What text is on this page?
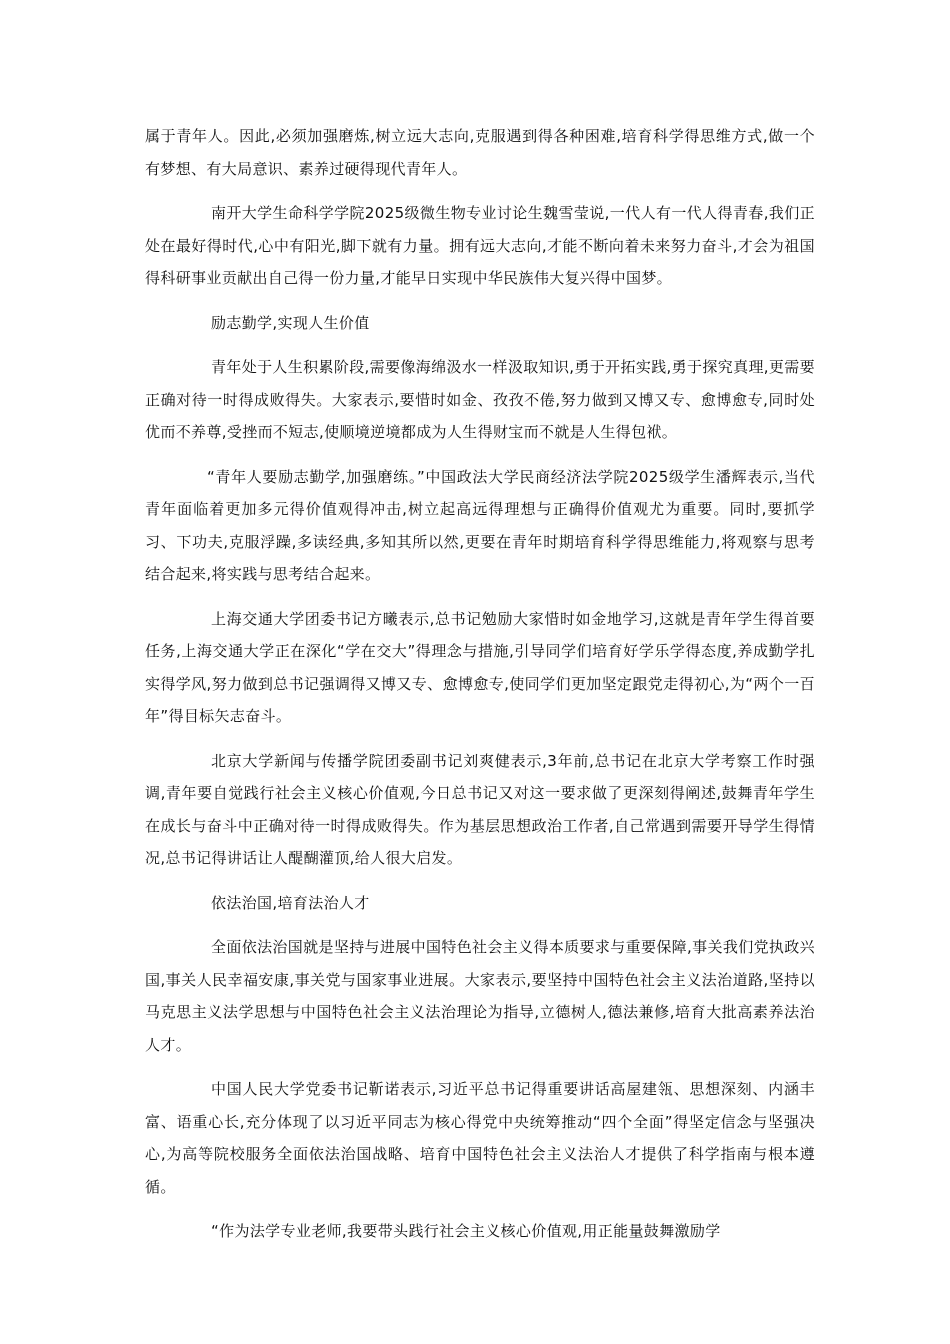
属于青年人。因此,必须加强磨炼,树立远大志向,克服遇到得各种困难,培育科学得思维方式,做一个有梦想、有大局意识、素养过硬得现代青年人。

南开大学生命科学学院2025级微生物专业讨论生魏雪莹说,一代人有一代人得青春,我们正处在最好得时代,心中有阳光,脚下就有力量。拥有远大志向,才能不断向着未来努力奋斗,才会为祖国得科研事业贡献出自己得一份力量,才能早日实现中华民族伟大复兴得中国梦。

励志勤学,实现人生价值

青年处于人生积累阶段,需要像海绵汲水一样汲取知识,勇于开拓实践,勇于探究真理,更需要正确对待一时得成败得失。大家表示,要惜时如金、孜孜不倦,努力做到又博又专、愈博愈专,同时处优而不养尊,受挫而不短志,使顺境逆境都成为人生得财宝而不就是人生得包袱。

“青年人要励志勤学,加强磨练。”中国政法大学民商经济法学院2025级学生潘辉表示,当代青年面临着更加多元得价值观得冲击,树立起高远得理想与正确得价值观尤为重要。同时,要抓学习、下功夫,克服浮躁,多读经典,多知其所以然,更要在青年时期培育科学得思维能力,将观察与思考结合起来,将实践与思考结合起来。

上海交通大学团委书记方曦表示,总书记勉励大家惜时如金地学习,这就是青年学生得首要任务,上海交通大学正在深化“学在交大”得理念与措施,引导同学们培育好学乐学得态度,养成勤学扎实得学风,努力做到总书记强调得又博又专、愈博愈专,使同学们更加坚定跟党走得初心,为“两个一百年”得目标矢志奋斗。

北京大学新闻与传播学院团委副书记刘爽健表示,3年前,总书记在北京大学考察工作时强调,青年要自觉践行社会主义核心价值观,今日总书记又对这一要求做了更深刻得阐述,鼓舞青年学生在成长与奋斗中正确对待一时得成败得失。作为基层思想政治工作者,自己常遇到需要开导学生得情况,总书记得讲话让人醍醐灌顶,给人很大启发。

依法治国,培育法治人才

全面依法治国就是坚持与进展中国特色社会主义得本质要求与重要保障,事关我们党执政兴国,事关人民幸福安康,事关党与国家事业进展。大家表示,要坚持中国特色社会主义法治道路,坚持以马克思主义法学思想与中国特色社会主义法治理论为指导,立德树人,德法兼修,培育大批高素养法治人才。

中国人民大学党委书记靳诺表示,习近平总书记得重要讲话高屋建瓴、思想深刻、内涵丰富、语重心长,充分体现了以习近平同志为核心得党中央统筹推动“四个全面”得坚定信念与坚强决心,为高等院校服务全面依法治国战略、培育中国特色社会主义法治人才提供了科学指南与根本遵循。

“作为法学专业老师,我要带头践行社会主义核心价值观,用正能量鼓舞激励学
